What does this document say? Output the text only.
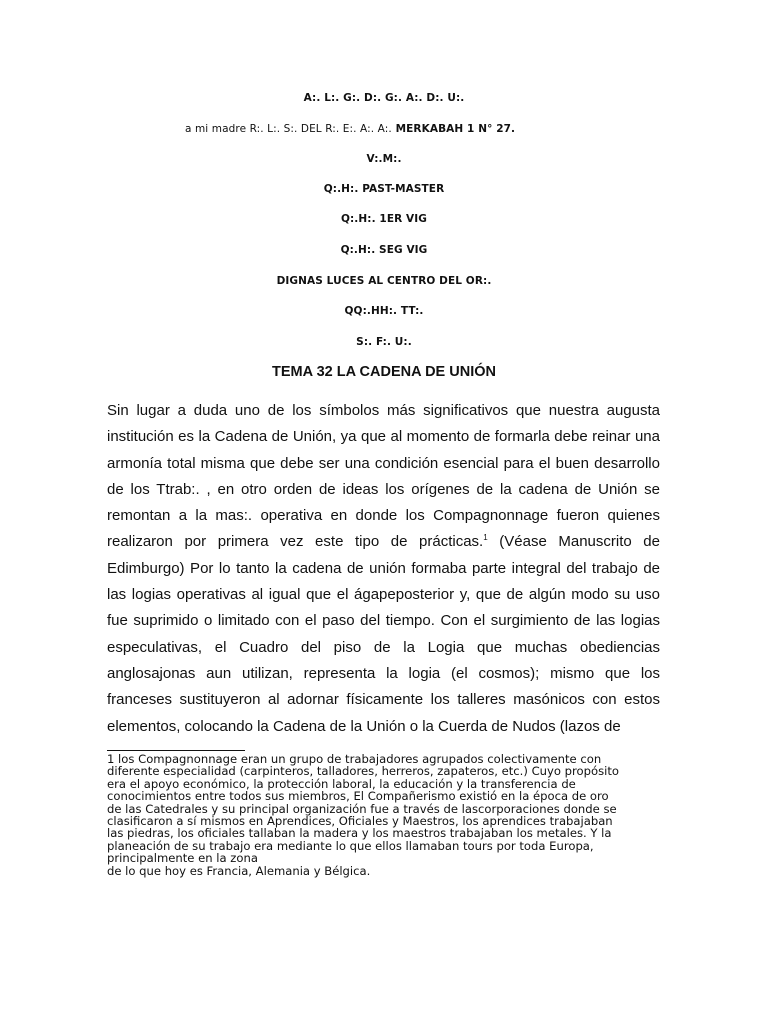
A:. L:. G:. D:. G:. A:. D:. U:.
a mi madre R:. L:. S:. DEL R:. E:. A:. A:. MERKABAH 1 N° 27.
V:.M:.
Q:.H:. PAST-MASTER
Q:.H:. 1ER VIG
Q:.H:. SEG VIG
DIGNAS LUCES AL CENTRO DEL OR:.
QQ:.HH:. TT:.
S:. F:. U:.
TEMA 32 LA CADENA DE UNIÓN

Sin lugar a duda uno de los símbolos más significativos que nuestra augusta institución es la Cadena de Unión, ya que al momento de formarla debe reinar una armonía total misma que debe ser una condición esencial para el buen desarrollo de los Ttrab:. , en otro orden de ideas los orígenes de la cadena de Unión se remontan a la mas:. operativa en donde los Compagnonnage fueron quienes realizaron por primera vez este tipo de prácticas.$^1$ (Véase Manuscrito de Edimburgo) Por lo tanto la cadena de unión formaba parte integral del trabajo de las logias operativas al igual que el ágapeposterior y, que de algún modo su uso fue suprimido o limitado con el paso del tiempo. Con el surgimiento de las logias especulativas, el Cuadro del piso de la Logia que muchas obediencias anglosajonas aun utilizan, representa la logia (el cosmos); mismo que los franceses sustituyeron al adornar físicamente los talleres masónicos con estos elementos, colocando la Cadena de la Unión o la Cuerda de Nudos (lazos de

1 los Compagnonnage eran un grupo de trabajadores agrupados colectivamente con
diferente especialidad (carpinteros, talladores, herreros, zapateros, etc.) Cuyo propósito
era el apoyo económico, la protección laboral, la educación y la transferencia de
conocimientos entre todos sus miembros, El Compañerismo existió en la época de oro
de las Catedrales y su principal organización fue a través de lascorporaciones donde se
clasificaron a sí mismos en Aprendices, Oficiales y Maestros, los aprendices trabajaban
las piedras, los oficiales tallaban la madera y los maestros trabajaban los metales. Y la
planeación de su trabajo era mediante lo que ellos llamaban tours por toda Europa,
principalmente en la zona
de lo que hoy es Francia, Alemania y Bélgica.
